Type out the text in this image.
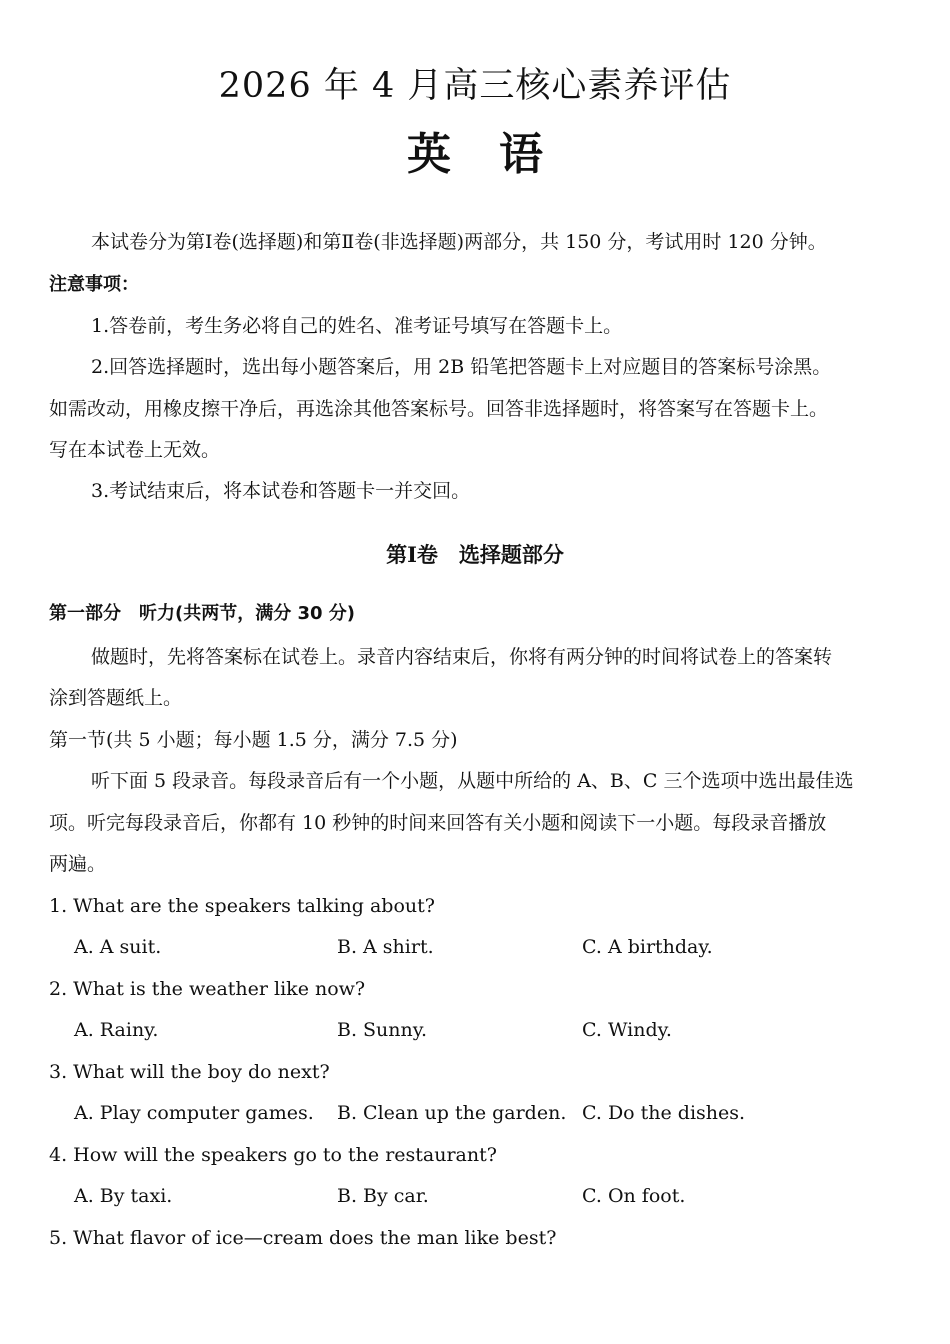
2026 年 4 月高三核心素养评估
英语
本试卷分为第Ⅰ卷(选择题)和第Ⅱ卷(非选择题)两部分，共 150 分，考试用时 120 分钟。
注意事项：
1.答卷前，考生务必将自己的姓名、准考证号填写在答题卡上。
2.回答选择题时，选出每小题答案后，用 2B 铅笔把答题卡上对应题目的答案标号涂黑。
如需改动，用橡皮擦干净后，再选涂其他答案标号。回答非选择题时，将答案写在答题卡上。
写在本试卷上无效。
3.考试结束后，将本试卷和答题卡一并交回。
第Ⅰ卷　选择题部分
第一部分　听力(共两节，满分 30 分)
做题时，先将答案标在试卷上。录音内容结束后，你将有两分钟的时间将试卷上的答案转
涂到答题纸上。
第一节(共 5 小题；每小题 1.5 分，满分 7.5 分)
听下面 5 段录音。每段录音后有一个小题，从题中所给的 A、B、C 三个选项中选出最佳选
项。听完每段录音后，你都有 10 秒钟的时间来回答有关小题和阅读下一小题。每段录音播放
两遍。
1. What are the speakers talking about?
A. A suit.	B. A shirt.	C. A birthday.
2. What is the weather like now?
A. Rainy.	B. Sunny.	C. Windy.
3. What will the boy do next?
A. Play computer games. B. Clean up the garden. C. Do the dishes.
4. How will the speakers go to the restaurant?
A. By taxi.	B. By car.	C. On foot.
5. What flavor of ice—cream does the man like best?
